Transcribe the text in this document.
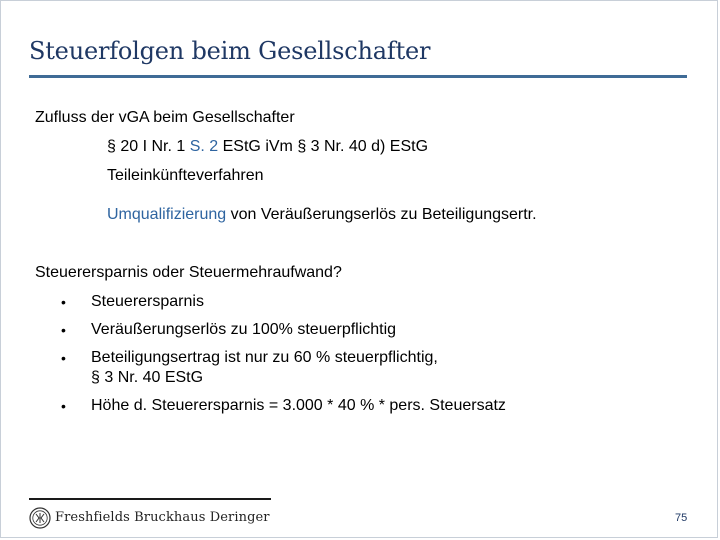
Steuerfolgen beim Gesellschafter
Zufluss der vGA beim Gesellschafter
§ 20 I Nr. 1 S. 2 EStG iVm § 3 Nr. 40 d) EStG
Teileinkünfteverfahren
Umqualifizierung von Veräußerungserlös zu Beteiligungsertr.
Steuerersparnis oder Steuermehraufwand?
• Steuerersparnis
• Veräußerungserlös zu 100% steuerpflichtig
• Beteiligungsertrag ist nur zu 60 % steuerpflichtig,
§ 3 Nr. 40 EStG
• Höhe d. Steuerersparnis = 3.000 * 40 % * pers. Steuersatz
Freshfields Bruckhaus Deringer	75
